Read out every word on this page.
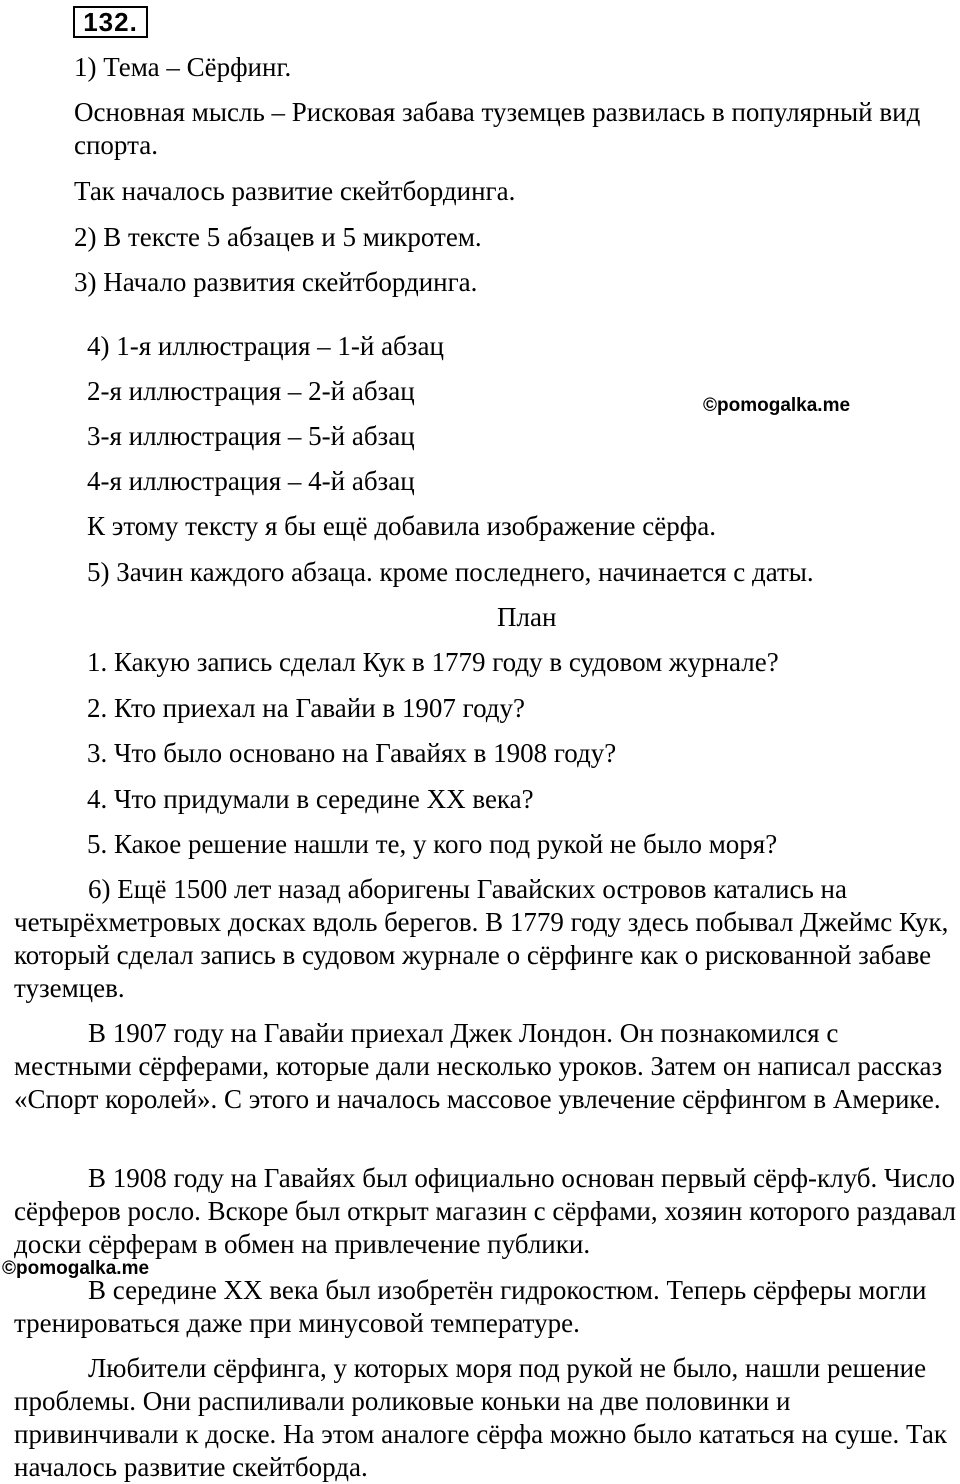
132.
1) Тема – Сёрфинг.
Основная мысль – Рисковая забава туземцев развилась в популярный вид спорта.
Так началось развитие скейтбординга.
2) В тексте 5 абзацев и 5 микротем.
3) Начало развития скейтбординга.
4) 1-я иллюстрация – 1-й абзац
2-я иллюстрация – 2-й абзац
3-я иллюстрация – 5-й абзац
4-я иллюстрация – 4-й абзац
©pomogalka.me
К этому тексту я бы ещё добавила изображение сёрфа.
5) Зачин каждого абзаца. кроме последнего, начинается с даты.
План
1. Какую запись сделал Кук в 1779 году в судовом журнале?
2. Кто приехал на Гавайи в 1907 году?
3. Что было основано на Гавайях в 1908 году?
4. Что придумали в середине XX века?
5. Какое решение нашли те, у кого под рукой не было моря?
6) Ещё 1500 лет назад аборигены Гавайских островов катались на четырёхметровых досках вдоль берегов. В 1779 году здесь побывал Джеймс Кук, который сделал запись в судовом журнале о сёрфинге как о рискованной забаве туземцев.
В 1907 году на Гавайи приехал Джек Лондон. Он познакомился с местными сёрферами, которые дали несколько уроков. Затем он написал рассказ «Спорт королей». С этого и началось массовое увлечение сёрфингом в Америке.
В 1908 году на Гавайях был официально основан первый сёрф-клуб. Число сёрферов росло. Вскоре был открыт магазин с сёрфами, хозяин которого раздавал доски сёрферам в обмен на привлечение публики.
©pomogalka.me
В середине XX века был изобретён гидрокостюм. Теперь сёрферы могли тренироваться даже при минусовой температуре.
Любители сёрфинга, у которых моря под рукой не было, нашли решение проблемы. Они распиливали роликовые коньки на две половинки и привинчивали к доске. На этом аналоге сёрфа можно было кататься на суше. Так началось развитие скейтборда.
